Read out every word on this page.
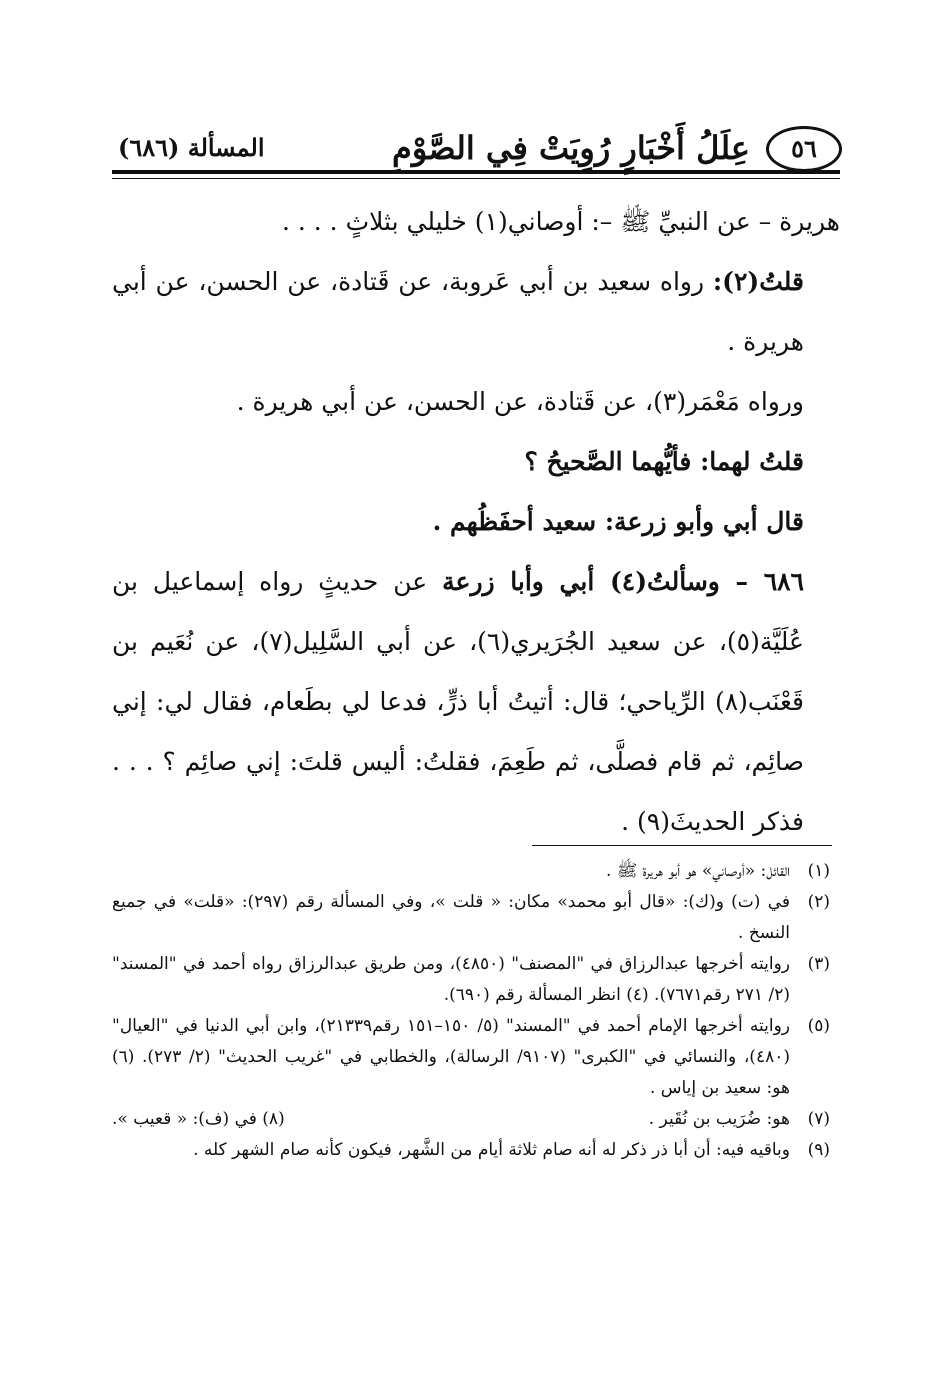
٥٦
عِلَلُ أَخْبَارٍ رُوِيَتْ فِي الصَّوْمِ
المسألة (٦٨٦)

هريرة – عن النبيِّ ﷺ –: أوصاني(١) خليلي بثلاثٍ . . . .

قلتُ(٢): رواه سعيد بن أبي عَروبة، عن قَتادة، عن الحسن، عن أبي هريرة .

ورواه مَعْمَر(٣)، عن قَتادة، عن الحسن، عن أبي هريرة .

قلتُ لهما: فأيُّهما الصَّحيحُ ؟

قال أبي وأبو زرعة: سعيد أحفَظُهم .

٦٨٦ – وسألتُ(٤) أبي وأبا زرعة عن حديثٍ رواه إسماعيل بن عُلَيَّة(٥)، عن سعيد الجُرَيري(٦)، عن أبي السَّلِيل(٧)، عن نُعَيم بن قَعْنَب(٨) الرِّياحي؛ قال: أتيتُ أبا ذرٍّ، فدعا لي بطَعام، فقال لي: إني صائِم، ثم قام فصلَّى، ثم طَعِمَ، فقلتُ: أليس قلتَ: إني صائِم ؟ . . . فذكر الحديثَ(٩) .

(١)
القائل: «أوصاني» هو أبو هريرة ﷺ .
(٢)
في (ت) و(ك): «قال أبو محمد» مكان: « قلت »، وفي المسألة رقم (٢٩٧): «قلت» في جميع النسخ .
(٣)
روايته أخرجها عبدالرزاق في "المصنف" (٤٨٥٠)، ومن طريق عبدالرزاق رواه أحمد في "المسند" (٢/ ٢٧١ رقم٧٦٧١). (٤) انظر المسألة رقم (٦٩٠).
(٥)
روايته أخرجها الإمام أحمد في "المسند" (٥/ ١٥٠–١٥١ رقم٢١٣٣٩)، وابن أبي الدنيا في "العيال" (٤٨٠)، والنسائي في "الكبرى" (٩١٠٧/ الرسالة)، والخطابي في "غريب الحديث" (٢/ ٢٧٣). (٦) هو: سعيد بن إياس .
(٧)
هو: ضُرَيب بن نُقَير .
(٨) في (ف): « قعيب ».
(٩)
وباقيه فيه: أن أبا ذر ذكر له أنه صام ثلاثة أيام من الشَّهر، فيكون كأنه صام الشهر كله .
